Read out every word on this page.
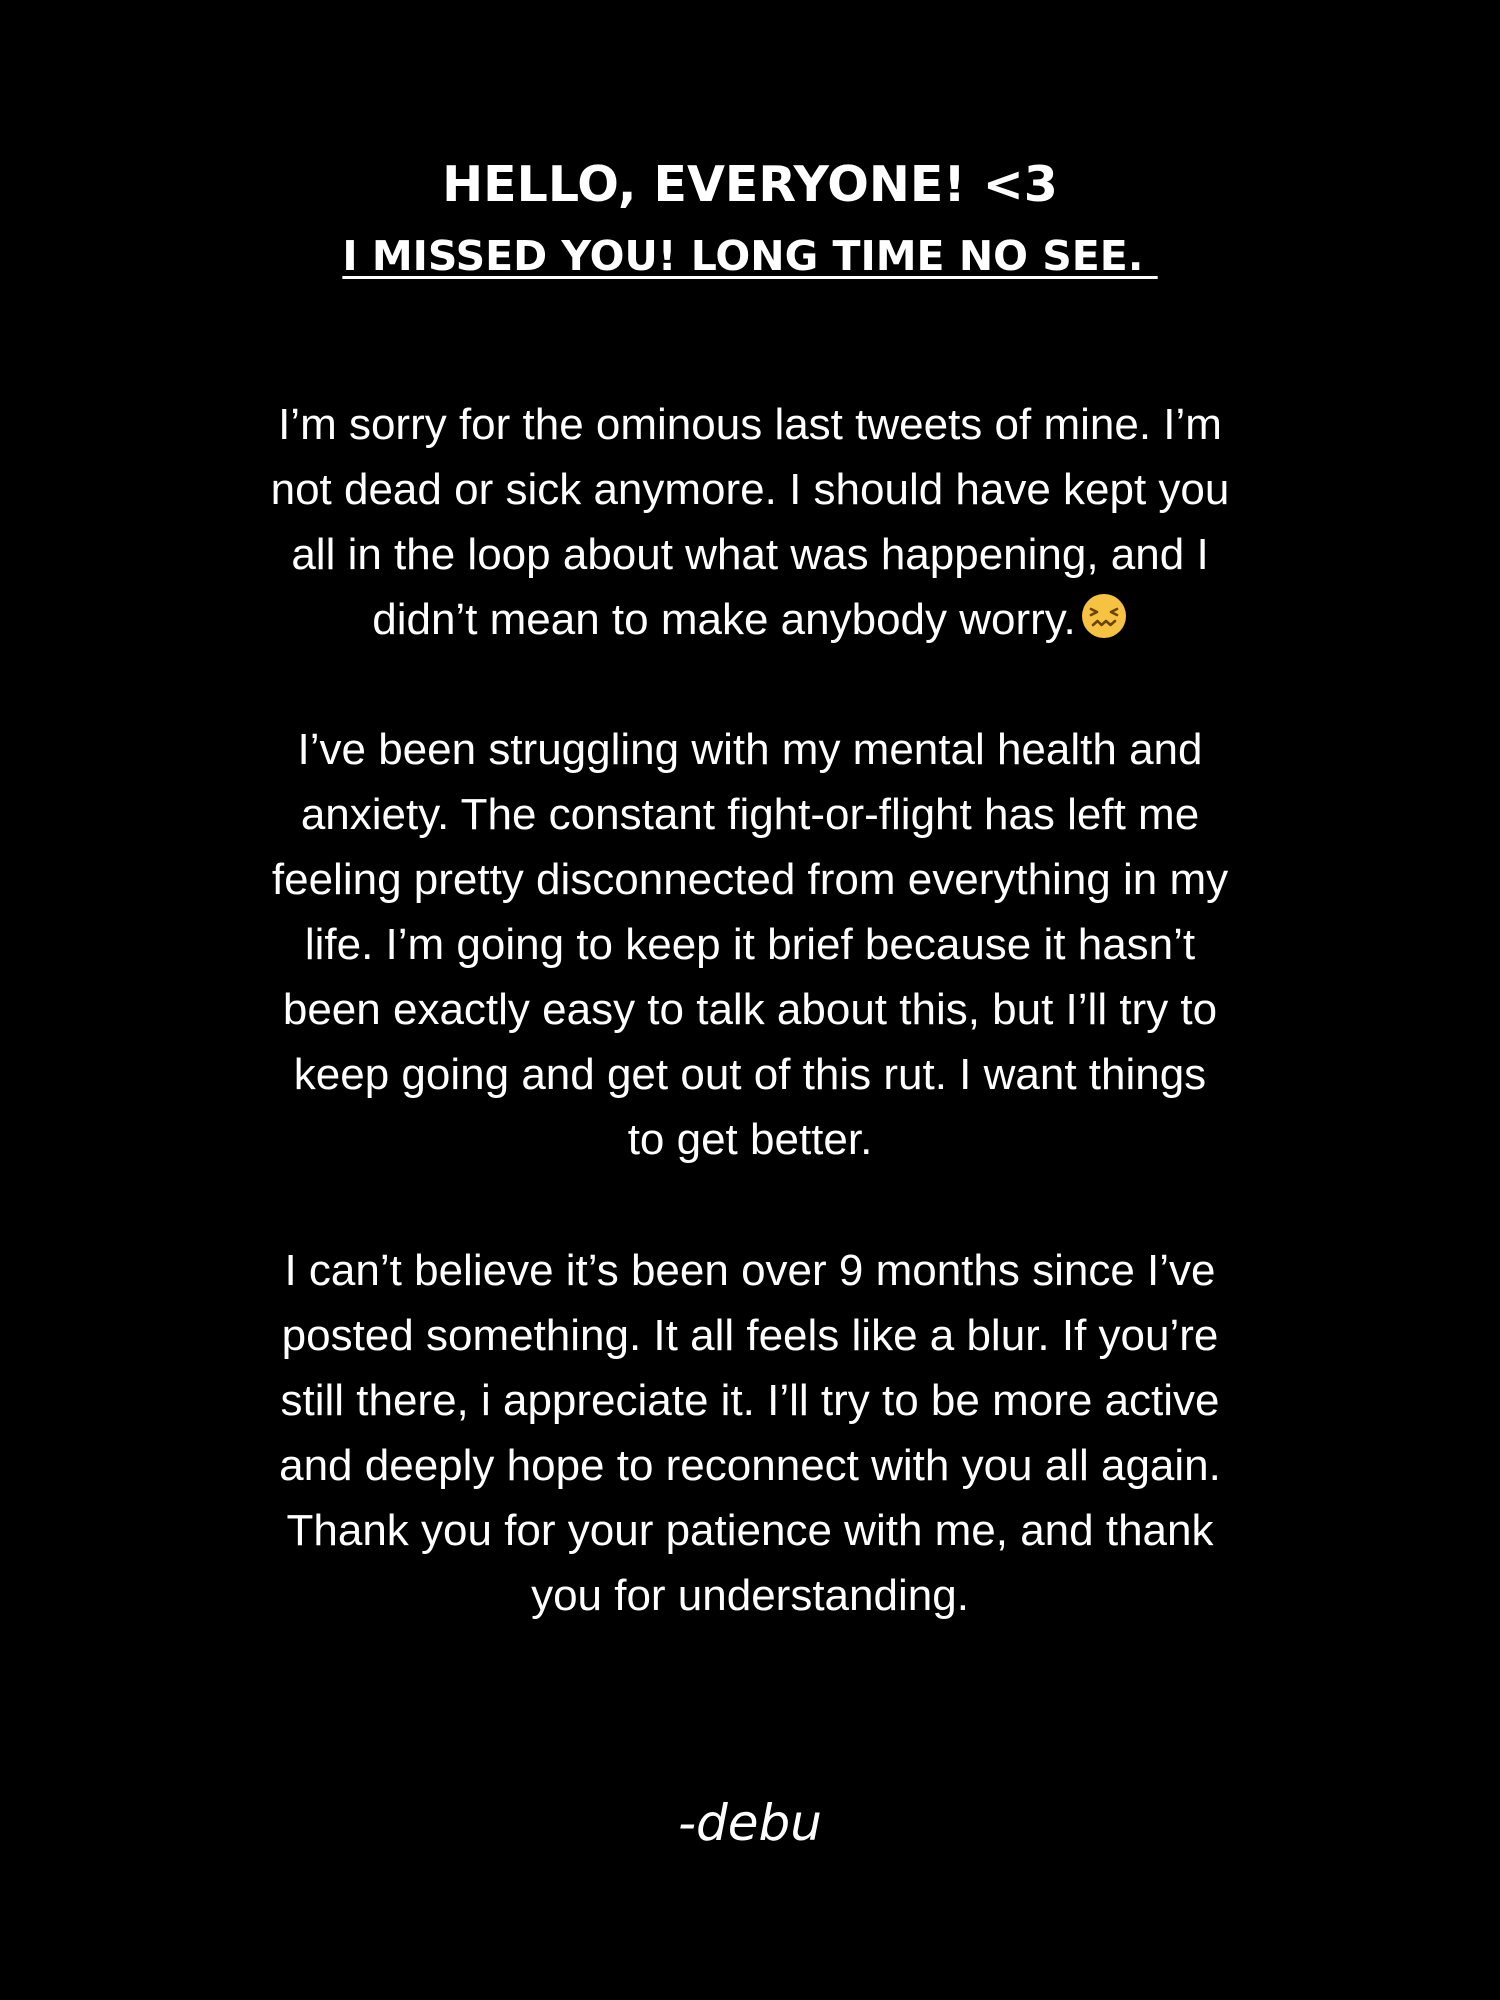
HELLO, EVERYONE! <3
I MISSED YOU! LONG TIME NO SEE.

I’m sorry for the ominous last tweets of mine. I’m
not dead or sick anymore. I should have kept you
all in the loop about what was happening, and I
didn’t mean to make anybody worry.

I’ve been struggling with my mental health and
anxiety. The constant fight-or-flight has left me
feeling pretty disconnected from everything in my
life. I’m going to keep it brief because it hasn’t
been exactly easy to talk about this, but I’ll try to
keep going and get out of this rut. I want things
to get better.

I can’t believe it’s been over 9 months since I’ve
posted something. It all feels like a blur. If you’re
still there, i appreciate it. I’ll try to be more active
and deeply hope to reconnect with you all again.
Thank you for your patience with me, and thank
you for understanding.

-debu
